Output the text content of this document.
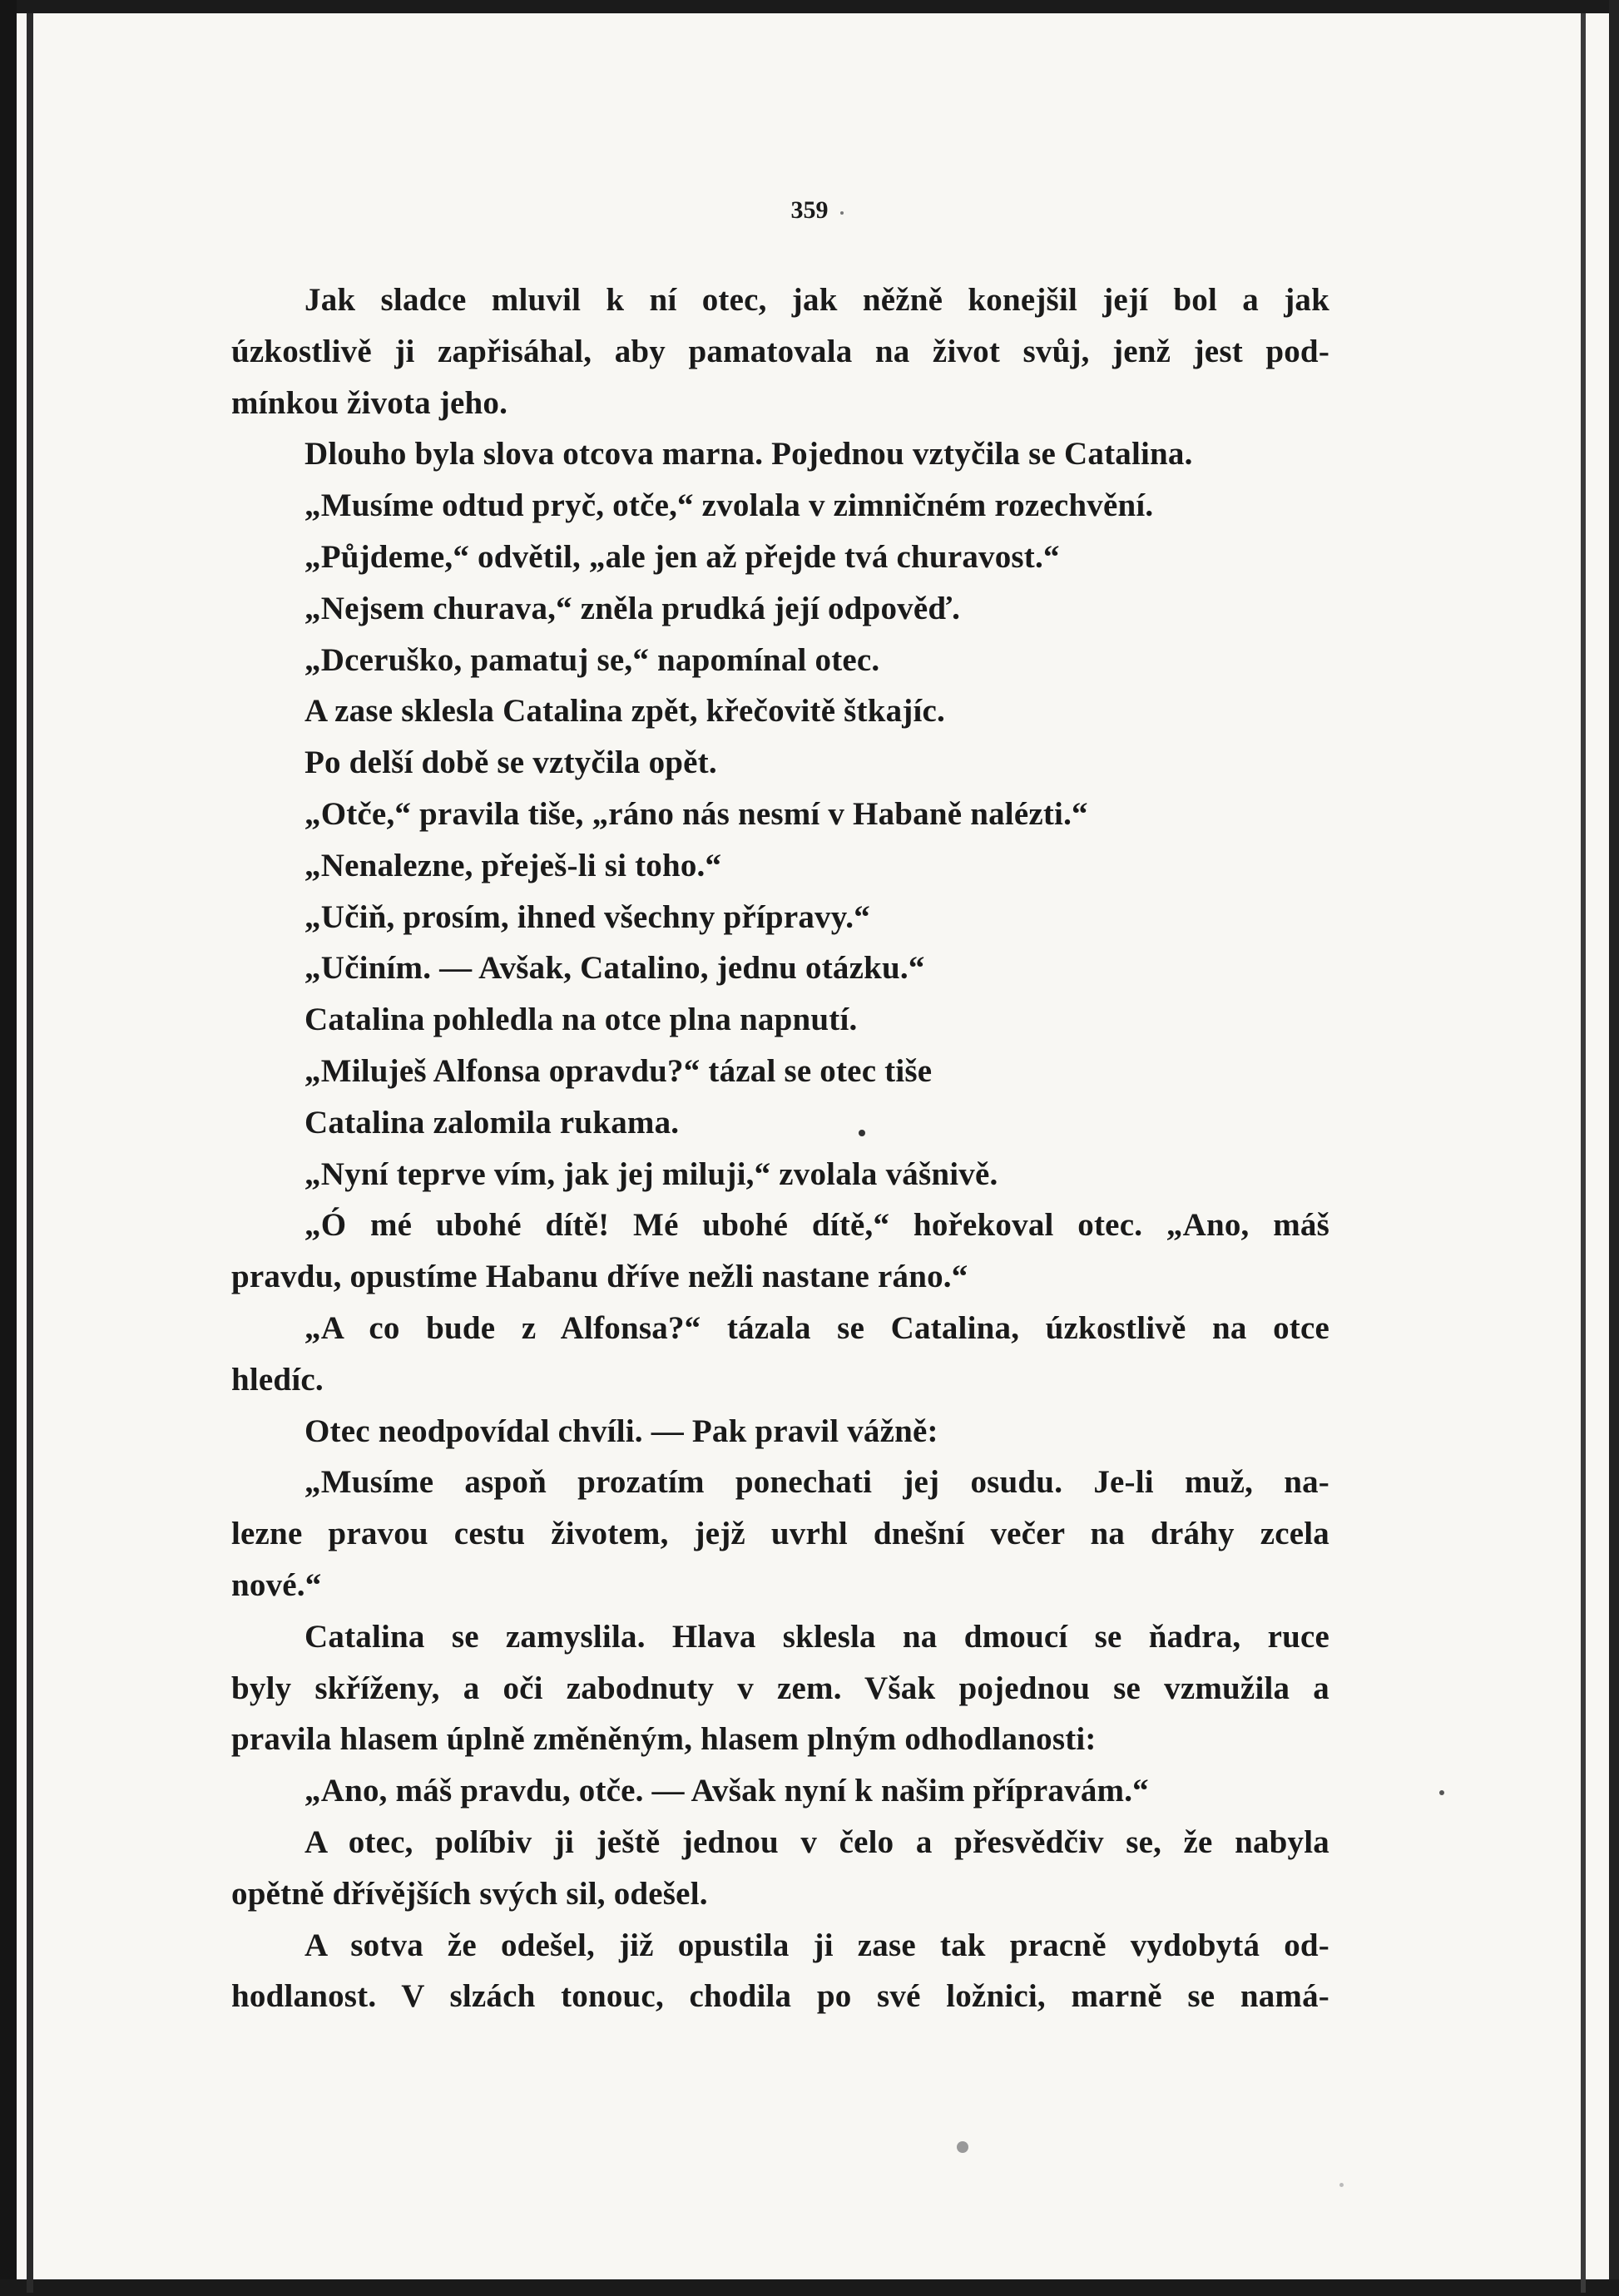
359
Jak sladce mluvil k ní otec, jak něžně konejšil její bol a jak
úzkostlivě ji zapřisáhal, aby pamatovala na život svůj, jenž jest pod-
mínkou života jeho.
Dlouho byla slova otcova marna. Pojednou vztyčila se Catalina.
„Musíme odtud pryč, otče,“ zvolala v zimničném rozechvění.
„Půjdeme,“ odvětil, „ale jen až přejde tvá churavost.“
„Nejsem churava,“ zněla prudká její odpověď.
„Dceruško, pamatuj se,“ napomínal otec.
A zase sklesla Catalina zpět, křečovitě štkajíc.
Po delší době se vztyčila opět.
„Otče,“ pravila tiše, „ráno nás nesmí v Habaně nalézti.“
„Nenalezne, přeješ-li si toho.“
„Učiň, prosím, ihned všechny přípravy.“
„Učiním. — Avšak, Catalino, jednu otázku.“
Catalina pohledla na otce plna napnutí.
„Miluješ Alfonsa opravdu?“ tázal se otec tiše
Catalina zalomila rukama.
„Nyní teprve vím, jak jej miluji,“ zvolala vášnivě.
„Ó mé ubohé dítě! Mé ubohé dítě,“ hořekoval otec. „Ano, máš
pravdu, opustíme Habanu dříve nežli nastane ráno.“
„A co bude z Alfonsa?“ tázala se Catalina, úzkostlivě na otce
hledíc.
Otec neodpovídal chvíli. — Pak pravil vážně:
„Musíme aspoň prozatím ponechati jej osudu. Je-li muž, na-
lezne pravou cestu životem, jejž uvrhl dnešní večer na dráhy zcela
nové.“
Catalina se zamyslila. Hlava sklesla na dmoucí se ňadra, ruce
byly skříženy, a oči zabodnuty v zem. Však pojednou se vzmužila a
pravila hlasem úplně změněným, hlasem plným odhodlanosti:
„Ano, máš pravdu, otče. — Avšak nyní k našim přípravám.“
A otec, políbiv ji ještě jednou v čelo a přesvědčiv se, že nabyla
opětně dřívějších svých sil, odešel.
A sotva že odešel, již opustila ji zase tak pracně vydobytá od-
hodlanost. V slzách tonouc, chodila po své ložnici, marně se namá-
